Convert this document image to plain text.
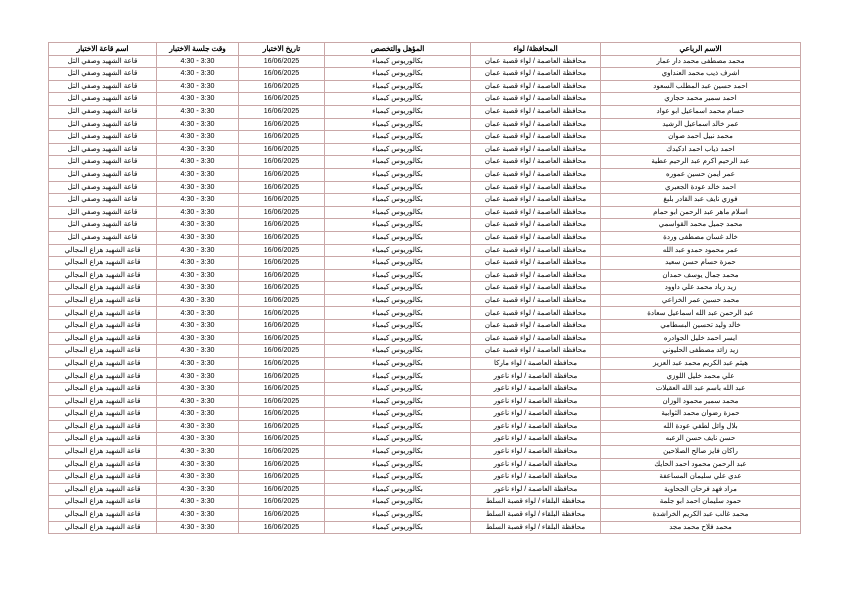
الاسم الرباعي	المحافظة/ لواء	المؤهل والتخصص	تاريخ الاختبار	وقت جلسة الاختبار	اسم قاعة الاختبار
محمد مصطفى محمد دار عمار	محافظة العاصمة / لواء قصبة عمان	بكالوريوس كيمياء	16/06/2025	3:30 - 4:30	قاعة الشهيد وصفي التل
اشرف ذيب محمد العنداوي	محافظة العاصمة / لواء قصبة عمان	بكالوريوس كيمياء	16/06/2025	3:30 - 4:30	قاعة الشهيد وصفي التل
احمد حسين عبد المطلب السعود	محافظة العاصمة / لواء قصبة عمان	بكالوريوس كيمياء	16/06/2025	3:30 - 4:30	قاعة الشهيد وصفي التل
احمد سمير محمد حجازي	محافظة العاصمة / لواء قصبة عمان	بكالوريوس كيمياء	16/06/2025	3:30 - 4:30	قاعة الشهيد وصفي التل
حسام محمد اسماعيل ابو عواد	محافظة العاصمة / لواء قصبة عمان	بكالوريوس كيمياء	16/06/2025	3:30 - 4:30	قاعة الشهيد وصفي التل
عمر خالد اسماعيل الرشيد	محافظة العاصمة / لواء قصبة عمان	بكالوريوس كيمياء	16/06/2025	3:30 - 4:30	قاعة الشهيد وصفي التل
محمد نبيل احمد صوان	محافظة العاصمة / لواء قصبة عمان	بكالوريوس كيمياء	16/06/2025	3:30 - 4:30	قاعة الشهيد وصفي التل
احمد ذياب احمد ادكيدك	محافظة العاصمة / لواء قصبة عمان	بكالوريوس كيمياء	16/06/2025	3:30 - 4:30	قاعة الشهيد وصفي التل
عبد الرحيم اكرم عبد الرحيم عطية	محافظة العاصمة / لواء قصبة عمان	بكالوريوس كيمياء	16/06/2025	3:30 - 4:30	قاعة الشهيد وصفي التل
عمر ايمن حسين عموره	محافظة العاصمة / لواء قصبة عمان	بكالوريوس كيمياء	16/06/2025	3:30 - 4:30	قاعة الشهيد وصفي التل
احمد خالد عودة الجعبري	محافظة العاصمة / لواء قصبة عمان	بكالوريوس كيمياء	16/06/2025	3:30 - 4:30	قاعة الشهيد وصفي التل
فوزي نايف عبد القادر بلبغ	محافظة العاصمة / لواء قصبة عمان	بكالوريوس كيمياء	16/06/2025	3:30 - 4:30	قاعة الشهيد وصفي التل
اسلام ماهر عبد الرحمن ابو حمام	محافظة العاصمة / لواء قصبة عمان	بكالوريوس كيمياء	16/06/2025	3:30 - 4:30	قاعة الشهيد وصفي التل
محمد جميل محمد القواسمي	محافظة العاصمة / لواء قصبة عمان	بكالوريوس كيمياء	16/06/2025	3:30 - 4:30	قاعة الشهيد وصفي التل
خالد غسان مصطفى وردة	محافظة العاصمة / لواء قصبة عمان	بكالوريوس كيمياء	16/06/2025	3:30 - 4:30	قاعة الشهيد وصفي التل
عمر محمود حمدو عبد الله	محافظة العاصمة / لواء قصبة عمان	بكالوريوس كيمياء	16/06/2025	3:30 - 4:30	قاعة الشهيد هزاع المجالي
حمزة حسام حسن سعيد	محافظة العاصمة / لواء قصبة عمان	بكالوريوس كيمياء	16/06/2025	3:30 - 4:30	قاعة الشهيد هزاع المجالي
محمد جمال يوسف حمدان	محافظة العاصمة / لواء قصبة عمان	بكالوريوس كيمياء	16/06/2025	3:30 - 4:30	قاعة الشهيد هزاع المجالي
زيد زياد محمد علي داوود	محافظة العاصمة / لواء قصبة عمان	بكالوريوس كيمياء	16/06/2025	3:30 - 4:30	قاعة الشهيد هزاع المجالي
محمد حسين عمر الخزاعي	محافظة العاصمة / لواء قصبة عمان	بكالوريوس كيمياء	16/06/2025	3:30 - 4:30	قاعة الشهيد هزاع المجالي
عبد الرحمن عبد الله اسماعيل سعادة	محافظة العاصمة / لواء قصبة عمان	بكالوريوس كيمياء	16/06/2025	3:30 - 4:30	قاعة الشهيد هزاع المجالي
خالد وليد تحسين البسطامي	محافظة العاصمة / لواء قصبة عمان	بكالوريوس كيمياء	16/06/2025	3:30 - 4:30	قاعة الشهيد هزاع المجالي
ايسر احمد خليل الجوادره	محافظة العاصمة / لواء قصبة عمان	بكالوريوس كيمياء	16/06/2025	3:30 - 4:30	قاعة الشهيد هزاع المجالي
زيد زائد مصطفى الحليوني	محافظة العاصمة / لواء قصبة عمان	بكالوريوس كيمياء	16/06/2025	3:30 - 4:30	قاعة الشهيد هزاع المجالي
هيثم عبد الكريم محمد عبد العزيز	محافظة العاصمة / لواء ماركا	بكالوريوس كيمياء	16/06/2025	3:30 - 4:30	قاعة الشهيد هزاع المجالي
علي محمد خليل اللوزي	محافظة العاصمة / لواء ناعور	بكالوريوس كيمياء	16/06/2025	3:30 - 4:30	قاعة الشهيد هزاع المجالي
عبد الله باسم عبد الله العقيلات	محافظة العاصمة / لواء ناعور	بكالوريوس كيمياء	16/06/2025	3:30 - 4:30	قاعة الشهيد هزاع المجالي
محمد سمير محمود الوزان	محافظة العاصمة / لواء ناعور	بكالوريوس كيمياء	16/06/2025	3:30 - 4:30	قاعة الشهيد هزاع المجالي
حمزة رضوان محمد الثوابية	محافظة العاصمة / لواء ناعور	بكالوريوس كيمياء	16/06/2025	3:30 - 4:30	قاعة الشهيد هزاع المجالي
بلال وائل لطفي عودة الله	محافظة العاصمة / لواء ناعور	بكالوريوس كيمياء	16/06/2025	3:30 - 4:30	قاعة الشهيد هزاع المجالي
حسن نايف حسن الزعبه	محافظة العاصمة / لواء ناعور	بكالوريوس كيمياء	16/06/2025	3:30 - 4:30	قاعة الشهيد هزاع المجالي
راكان فايز صالح الصلاحين	محافظة العاصمة / لواء ناعور	بكالوريوس كيمياء	16/06/2025	3:30 - 4:30	قاعة الشهيد هزاع المجالي
عبد الرحمن محمود احمد الحايك	محافظة العاصمة / لواء ناعور	بكالوريوس كيمياء	16/06/2025	3:30 - 4:30	قاعة الشهيد هزاع المجالي
عدي علي سليمان المساعفة	محافظة العاصمة / لواء ناعور	بكالوريوس كيمياء	16/06/2025	3:30 - 4:30	قاعة الشهيد هزاع المجالي
مراد فهد فرحان الجحاوية	محافظة العاصمة / لواء ناعور	بكالوريوس كيمياء	16/06/2025	3:30 - 4:30	قاعة الشهيد هزاع المجالي
حمود سليمان احمد ابو جلمة	محافظة البلقاء / لواء قصبة السلط	بكالوريوس كيمياء	16/06/2025	3:30 - 4:30	قاعة الشهيد هزاع المجالي
محمد غالب عبد الكريم الخراشدة	محافظة البلقاء / لواء قصبة السلط	بكالوريوس كيمياء	16/06/2025	3:30 - 4:30	قاعة الشهيد هزاع المجالي
محمد فلاح محمد مجد	محافظة البلقاء / لواء قصبة السلط	بكالوريوس كيمياء	16/06/2025	3:30 - 4:30	قاعة الشهيد هزاع المجالي
